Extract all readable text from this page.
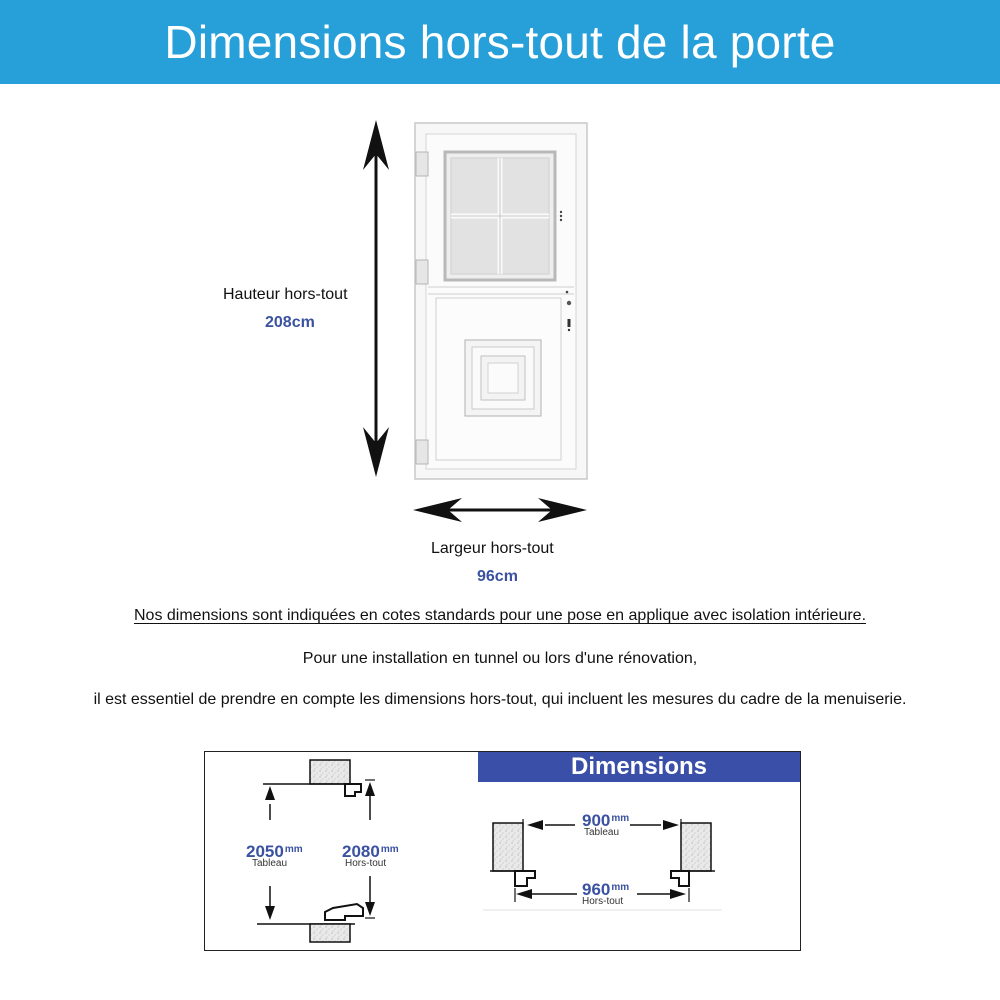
Dimensions hors-tout de la porte
Hauteur hors-tout
208cm
Largeur hors-tout
96cm
Nos dimensions sont indiquées en cotes standards pour une pose en applique avec isolation intérieure.
Pour une installation en tunnel ou lors d'une rénovation,
il est essentiel de prendre en compte les dimensions hors-tout, qui incluent les mesures du cadre de la menuiserie.
Dimensions
$2050^{mm}$
Tableau
$2080^{mm}$
Hors-tout
$900^{mm}$
Tableau
$960^{mm}$
Hors-tout
